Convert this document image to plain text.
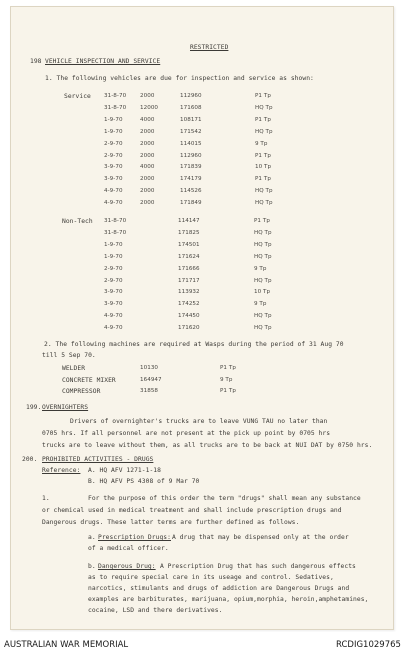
RESTRICTED
198 VEHICLE INSPECTION AND SERVICE
1. The following vehicles are due for inspection and service as shown:
Service 31-8-70 2000	112960	P1 Tp
31-8-70 12000	171608	HQ Tp
1-9-70	4000	108171	P1 Tp
1-9-70	2000	171542	HQ Tp
2-9-70	2000	114015	9 Tp
2-9-70	2000	112960	P1 Tp
3-9-70	4000	171839	10 Tp
3-9-70	2000	174179	P1 Tp
4-9-70	2000	114526	HQ Tp
4-9-70	2000	171849	HQ Tp
Non-Tech 31-8-70	114147	P1 Tp
31-8-70	171825	HQ Tp
1-9-70	174501	HQ Tp
1-9-70	171624	HQ Tp
2-9-70	171666	9 Tp
2-9-70	171717	HQ Tp
3-9-70	113932	10 Tp
3-9-70	174252	9 Tp
4-9-70	174450	HQ Tp
4-9-70	171620	HQ Tp
2. The following machines are required at Wasps during the period of 31 Aug 70
till 5 Sep 70.
WELDER	10130	P1 Tp
CONCRETE MIXER	164947	9 Tp
COMPRESSOR	31858	P1 Tp
199. OVERNIGHTERS
Drivers of overnighter's trucks are to leave VUNG TAU no later than
0705 hrs. If all personnel are not present at the pick up point by 0705 hrs
trucks are to leave without them, as all trucks are to be back at NUI DAT by 0750 hrs.
200. PROHIBITED ACTIVITIES - DRUGS
Reference: A. HQ AFV 1271-1-18
B. HQ AFV PS 4308 of 9 Mar 70
1.	For the purpose of this order the term "drugs" shall mean any substance
or chemical used in medical treatment and shall include prescription drugs and
Dangerous drugs. These latter terms are further defined as follows.
a. Prescription Drugs: A drug that may be dispensed only at the order
of a medical officer.
b. Dangerous Drug: A Prescription Drug that has such dangerous effects
as to require special care in its useage and control. Sedatives,
narcotics, stimulants and drugs of addiction are Dangerous Drugs and
examples are barbiturates, marijuana, opium,morphia, heroin,amphetamines,
cocaine, LSD and there derivatives.
AUSTRALIAN WAR MEMORIAL	RCDIG1029765
